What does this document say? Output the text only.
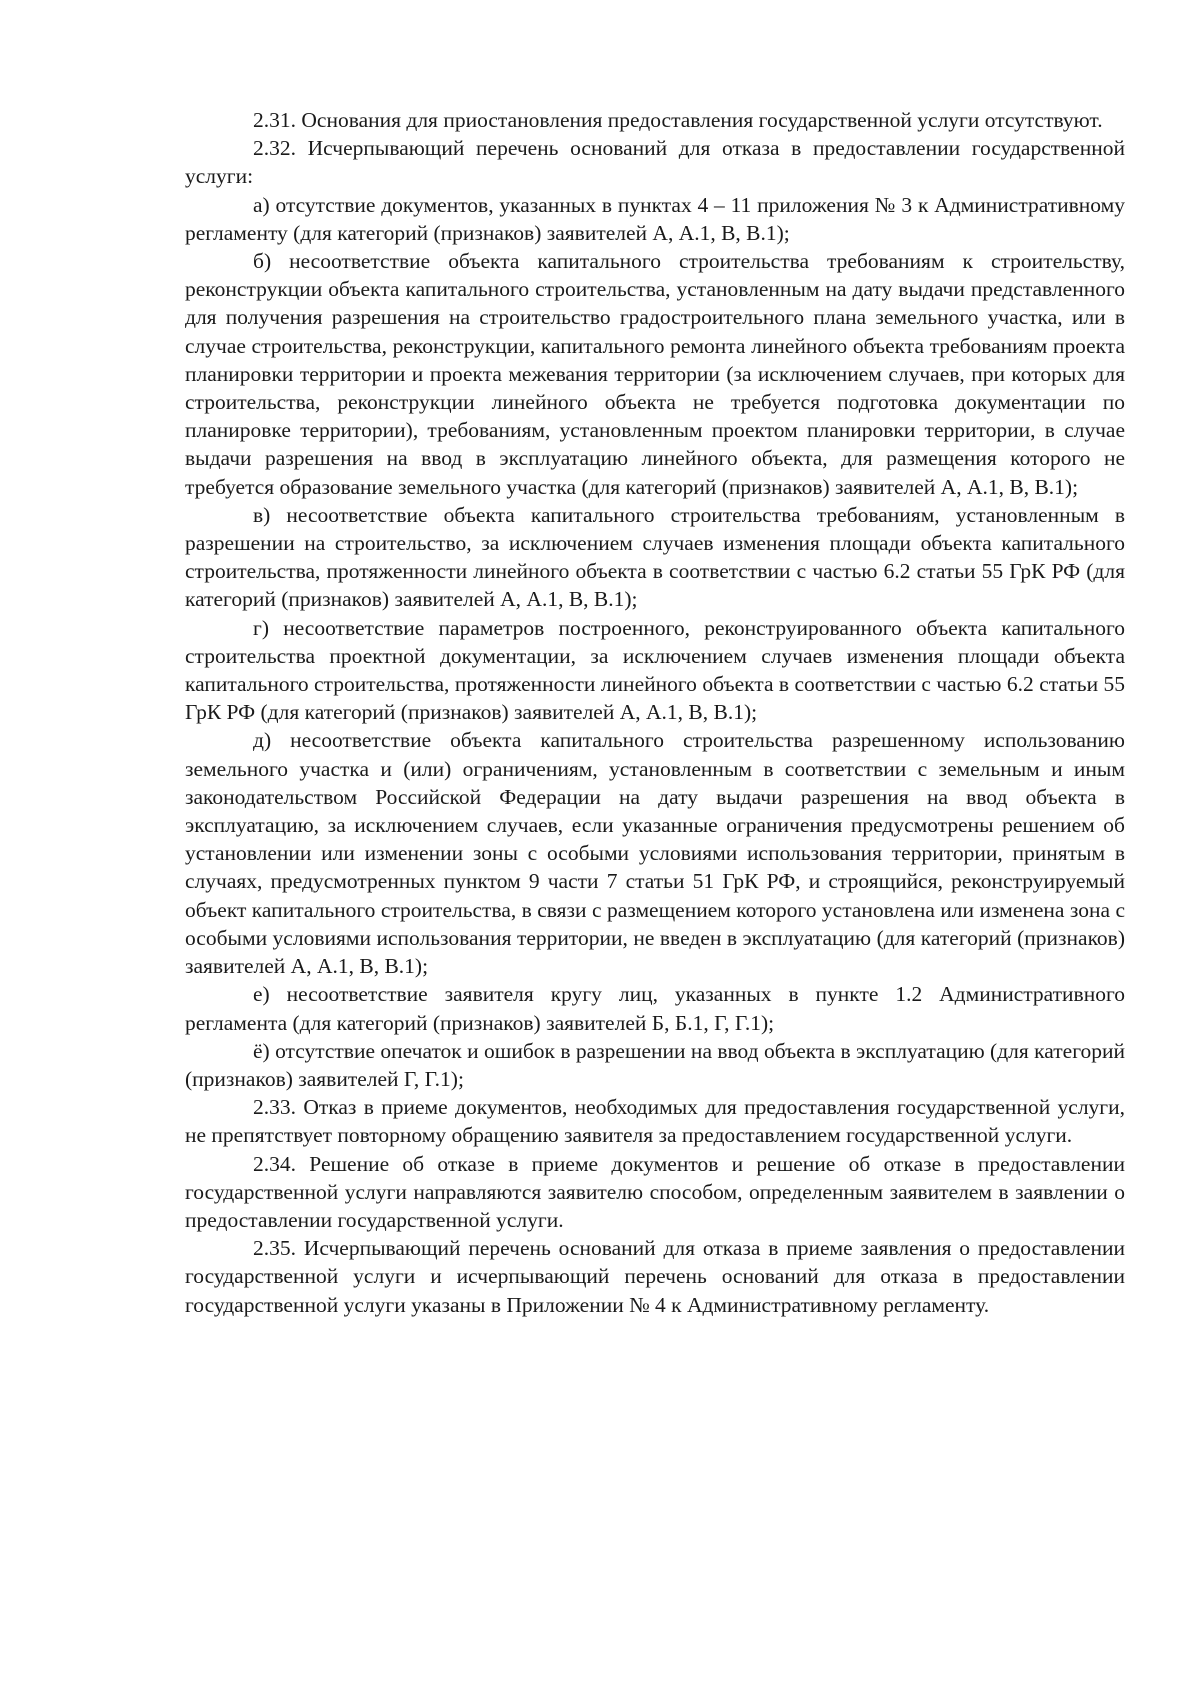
2.31. Основания для приостановления предоставления государственной услуги отсутствуют.

2.32. Исчерпывающий перечень оснований для отказа в предоставлении государственной услуги:

а) отсутствие документов, указанных в пунктах 4 – 11 приложения № 3 к Административному регламенту (для категорий (признаков) заявителей А, А.1, В, В.1);

б) несоответствие объекта капитального строительства требованиям к строительству, реконструкции объекта капитального строительства, установленным на дату выдачи представленного для получения разрешения на строительство градостроительного плана земельного участка, или в случае строительства, реконструкции, капитального ремонта линейного объекта требованиям проекта планировки территории и проекта межевания территории (за исключением случаев, при которых для строительства, реконструкции линейного объекта не требуется подготовка документации по планировке территории), требованиям, установленным проектом планировки территории, в случае выдачи разрешения на ввод в эксплуатацию линейного объекта, для размещения которого не требуется образование земельного участка (для категорий (признаков) заявителей А, А.1, В, В.1);

в) несоответствие объекта капитального строительства требованиям, установленным в разрешении на строительство, за исключением случаев изменения площади объекта капитального строительства, протяженности линейного объекта в соответствии с частью 6.2 статьи 55 ГрК РФ (для категорий (признаков) заявителей А, А.1, В, В.1);

г) несоответствие параметров построенного, реконструированного объекта капитального строительства проектной документации, за исключением случаев изменения площади объекта капитального строительства, протяженности линейного объекта в соответствии с частью 6.2 статьи 55 ГрК РФ (для категорий (признаков) заявителей А, А.1, В, В.1);

д) несоответствие объекта капитального строительства разрешенному использованию земельного участка и (или) ограничениям, установленным в соответствии с земельным и иным законодательством Российской Федерации на дату выдачи разрешения на ввод объекта в эксплуатацию, за исключением случаев, если указанные ограничения предусмотрены решением об установлении или изменении зоны с особыми условиями использования территории, принятым в случаях, предусмотренных пунктом 9 части 7 статьи 51 ГрК РФ, и строящийся, реконструируемый объект капитального строительства, в связи с размещением которого установлена или изменена зона с особыми условиями использования территории, не введен в эксплуатацию (для категорий (признаков) заявителей А, А.1, В, В.1);

е) несоответствие заявителя кругу лиц, указанных в пункте 1.2 Административного регламента (для категорий (признаков) заявителей Б, Б.1, Г, Г.1);

ё) отсутствие опечаток и ошибок в разрешении на ввод объекта в эксплуатацию (для категорий (признаков) заявителей Г, Г.1);

2.33. Отказ в приеме документов, необходимых для предоставления государственной услуги, не препятствует повторному обращению заявителя за предоставлением государственной услуги.

2.34. Решение об отказе в приеме документов и решение об отказе в предоставлении государственной услуги направляются заявителю способом, определенным заявителем в заявлении о предоставлении государственной услуги.

2.35. Исчерпывающий перечень оснований для отказа в приеме заявления о предоставлении государственной услуги и исчерпывающий перечень оснований для отказа в предоставлении государственной услуги указаны в Приложении № 4 к Административному регламенту.
